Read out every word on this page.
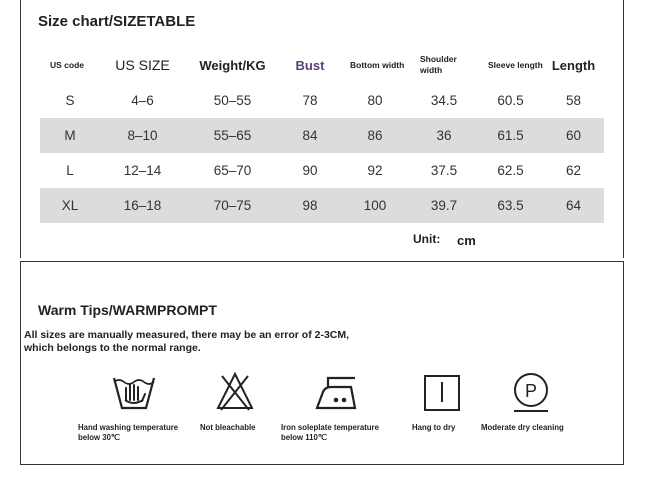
Size chart/SIZETABLE
US code	US SIZE	Weight/KG	Bust	Bottom width	Shoulder width	Sleeve length	Length
S	4–6	50–55	78	80	34.5	60.5	58
M	8–10	55–65	84	86	36	61.5	60
L	12–14	65–70	90	92	37.5	62.5	62
XL	16–18	70–75	98	100	39.7	63.5	64
Unit: cm
Warm Tips/WARMPROMPT
All sizes are manually measured, there may be an error of 2-3CM,
which belongs to the normal range.
Hand washing temperature
below 30℃
Not bleachable	Iron soleplate temperature
below 110℃
Hang to dry
P
Moderate dry cleaning
